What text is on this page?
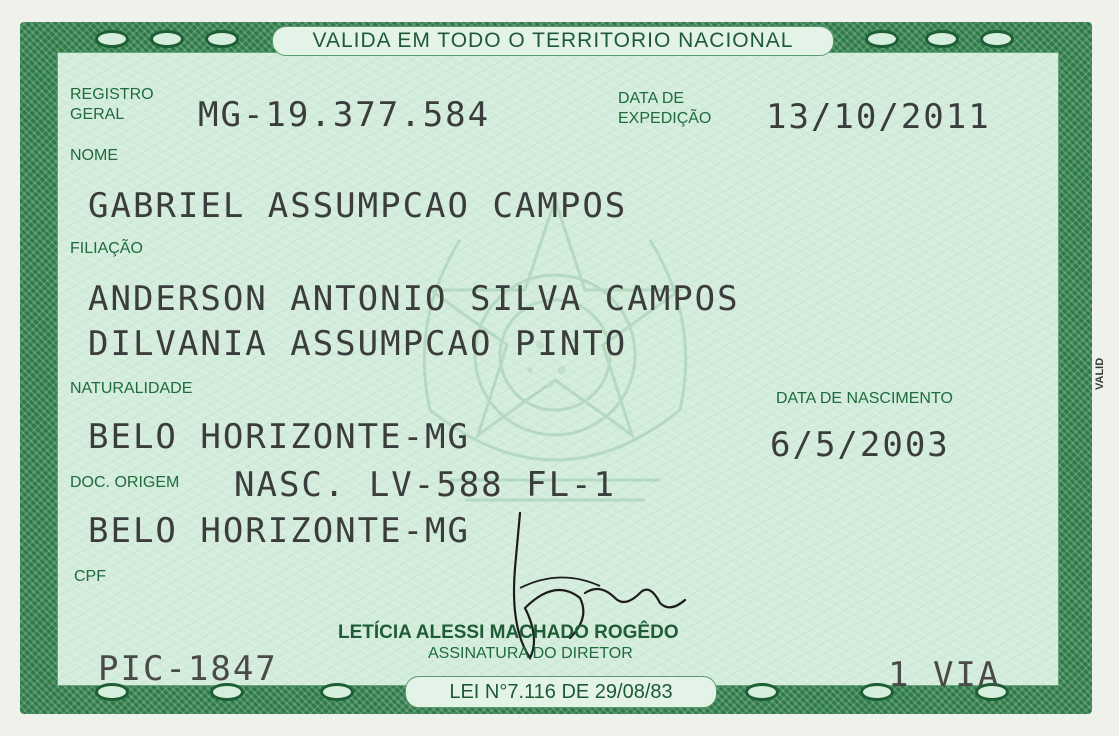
VALIDA EM TODO O TERRITORIO NACIONAL
LEI N°7.116 DE 29/08/83
VALID
REGISTRO
GERAL MG-19.377.584	DATA DE
EXPEDIÇÃO 13/10/2011
NOME
GABRIEL ASSUMPCAO CAMPOS
FILIAÇÃO
ANDERSON ANTONIO SILVA CAMPOS
DILVANIA ASSUMPCAO PINTO
NATURALIDADE
BELO HORIZONTE-MG
DATA DE NASCIMENTO
6/5/2003
DOC. ORIGEM NASC. LV-588 FL-1
BELO HORIZONTE-MG
CPF
LETÍCIA ALESSI MACHADO ROGÊDO
ASSINATURA DO DIRETOR
PIC-1847	1 VIA
